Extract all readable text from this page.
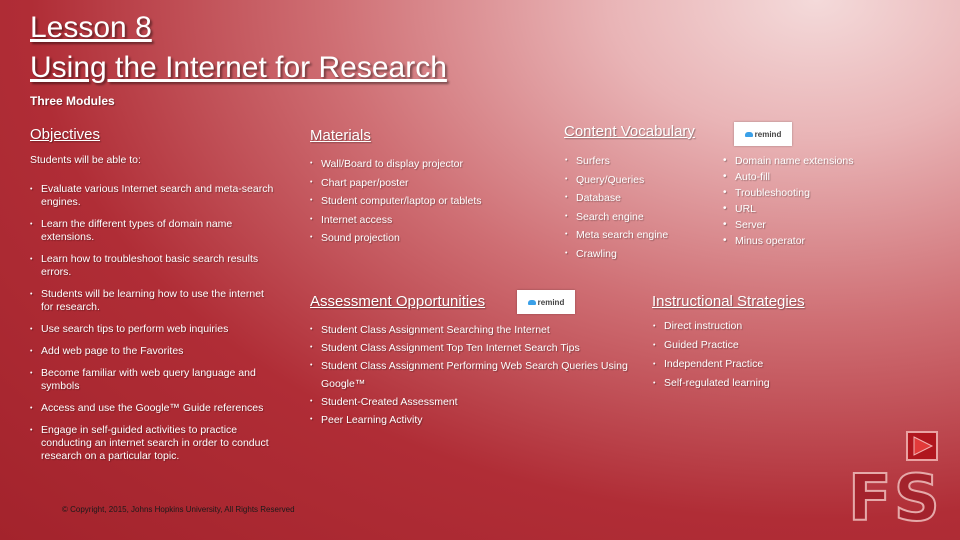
Lesson 8
Using the Internet for Research
Three Modules
Objectives

Students will be able to:

• Evaluate various Internet search and meta-search engines.
• Learn the different types of domain name extensions.
• Learn how to troubleshoot basic search results errors.
• Students will be learning how to use the internet for research.
• Use search tips to perform web inquiries
• Add web page to the Favorites
• Become familiar with web query language and symbols
• Access and use the Google™ Guide references
• Engage in self-guided activities to practice conducting an internet search in order to conduct research on a particular topic.
Materials
• Wall/Board to display projector
• Chart paper/poster
• Student computer/laptop or tablets
• Internet access
• Sound projection
Content Vocabulary	remind
• Surfers
• Query/Queries
• Database
• Search engine
• Meta search engine
• Crawling
• Domain name extensions
• Auto-fill
• Troubleshooting
• URL
• Server
• Minus operator
Assessment Opportunities	remind
• Student Class Assignment Searching the Internet
• Student Class Assignment Top Ten Internet Search Tips
• Student Class Assignment Performing Web Search Queries Using Google™
• Student-Created Assessment
• Peer Learning Activity
Instructional Strategies
• Direct instruction
• Guided Practice
• Independent Practice
• Self-regulated learning
© Copyright, 2015, Johns Hopkins University, All Rights Reserved	FS
